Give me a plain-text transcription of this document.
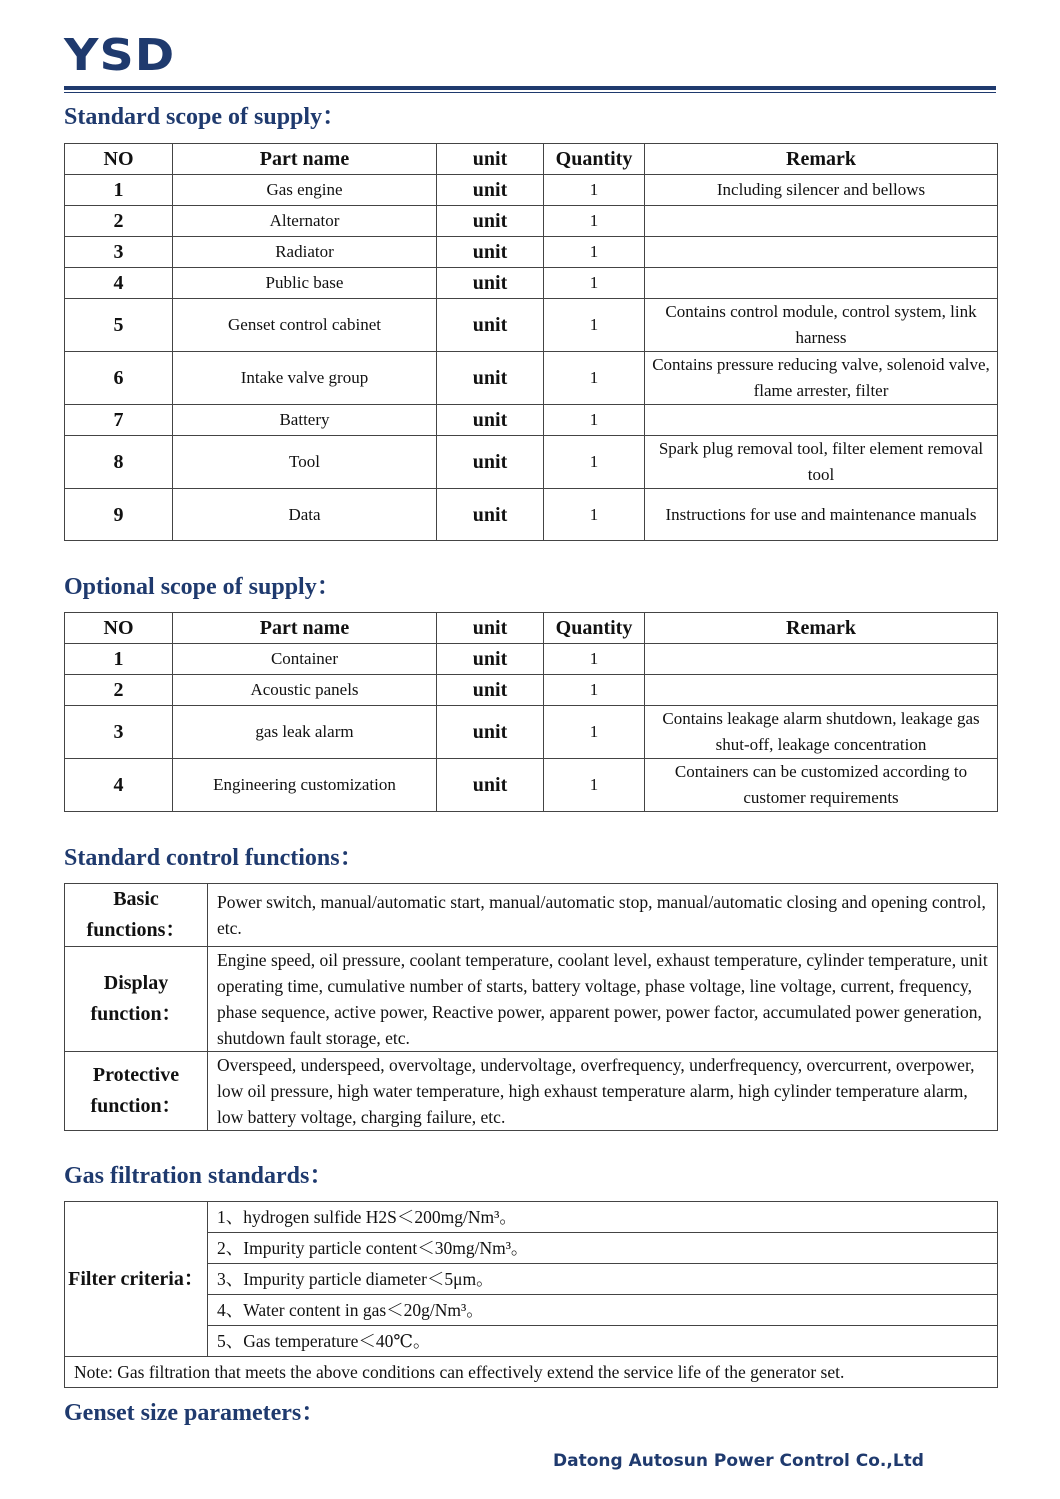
YSD
Standard scope of supply：
NO	Part name	unit	Quantity	Remark
1	Gas engine	unit	1	Including silencer and bellows
2	Alternator	unit	1	
3	Radiator	unit	1	
4	Public base	unit	1	
5	Genset control cabinet	unit	1	Contains control module, control system, link harness
6	Intake valve group	unit	1	Contains pressure reducing valve, solenoid valve, flame arrester, filter
7	Battery	unit	1	
8	Tool	unit	1	Spark plug removal tool, filter element removal tool
9	Data	unit	1	Instructions for use and maintenance manuals
Optional scope of supply：
NO	Part name	unit	Quantity	Remark
1	Container	unit	1	
2	Acoustic panels	unit	1	
3	gas leak alarm	unit	1	Contains leakage alarm shutdown, leakage gas shut-off, leakage concentration
4	Engineering customization	unit	1	Containers can be customized according to customer requirements
Standard control functions：
Basic functions：	Power switch, manual/automatic start, manual/automatic stop, manual/automatic closing and opening control, etc.
Display function：	Engine speed, oil pressure, coolant temperature, coolant level, exhaust temperature, cylinder temperature, unit operating time, cumulative number of starts, battery voltage, phase voltage, line voltage, current, frequency, phase sequence, active power, Reactive power, apparent power, power factor, accumulated power generation, shutdown fault storage, etc.
Protective function：	Overspeed, underspeed, overvoltage, undervoltage, overfrequency, underfrequency, overcurrent, overpower, low oil pressure, high water temperature, high exhaust temperature alarm, high cylinder temperature alarm, low battery voltage, charging failure, etc.
Gas filtration standards：
Filter criteria：	1、hydrogen sulfide H2S＜200mg/Nm³。
2、Impurity particle content＜30mg/Nm³。
3、Impurity particle diameter＜5μm。
4、Water content in gas＜20g/Nm³。
5、Gas temperature＜40℃。
Note: Gas filtration that meets the above conditions can effectively extend the service life of the generator set.
Genset size parameters：
Datong Autosun Power Control Co.,Ltd
